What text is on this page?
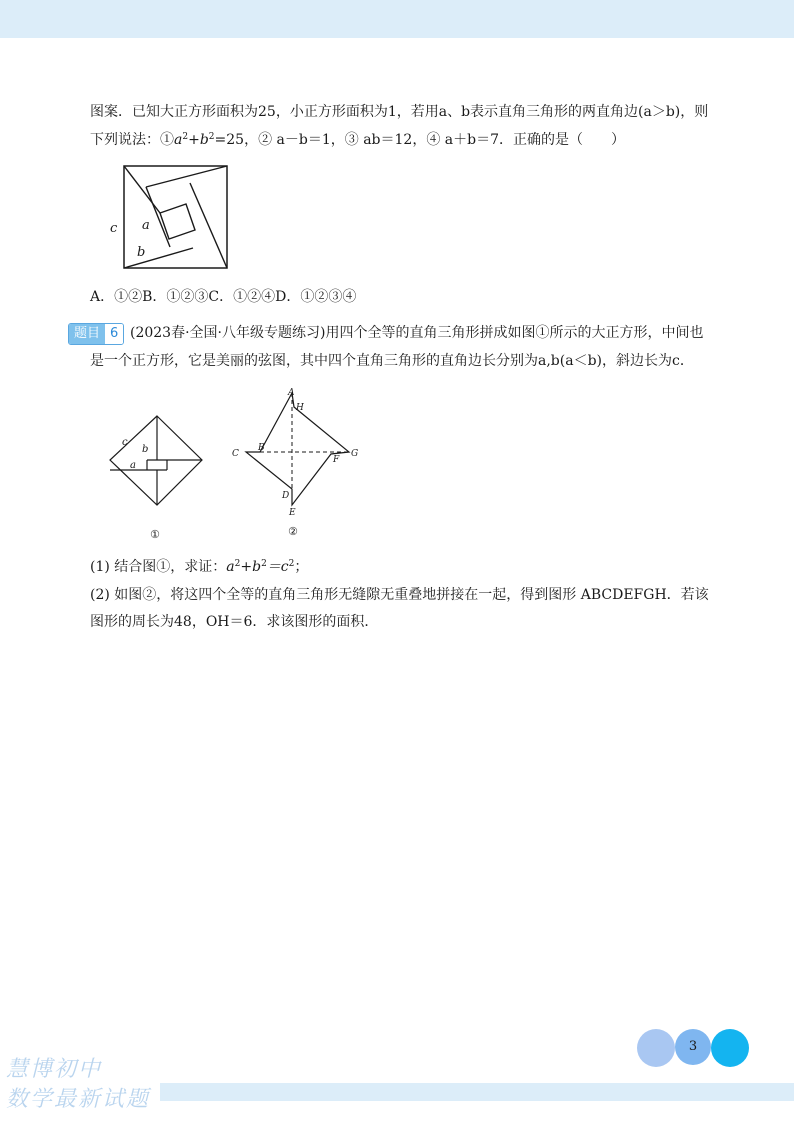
图案．已知大正方形面积为25，小正方形面积为1，若用a、b表示直角三角形的两直角边(a＞b)，则
下列说法：$①a^2+b^2=25$，② a－b＝1，③ ab＝12，④ a＋b＝7．正确的是（　　）
c a
b
A．①②B．①②③C．①②④D．①②③④
题目 6 (2023春·全国·八年级专题练习)用四个全等的直角三角形拼成如图①所示的大正方形，中间也
是一个正方形，它是美丽的弦图，其中四个直角三角形的直角边长分别为a,b(a＜b)，斜边长为c．
c
b
a
①
A
H
B
C	G
F
D
E
②
(1) 结合图①，求证：$a^2+b^2=c^2$；
(2) 如图②，将这四个全等的直角三角形无缝隙无重叠地拼接在一起，得到图形 ABCDEFGH．若该
图形的周长为48，OH＝6．求该图形的面积．
3
慧博初中
数学最新试题
